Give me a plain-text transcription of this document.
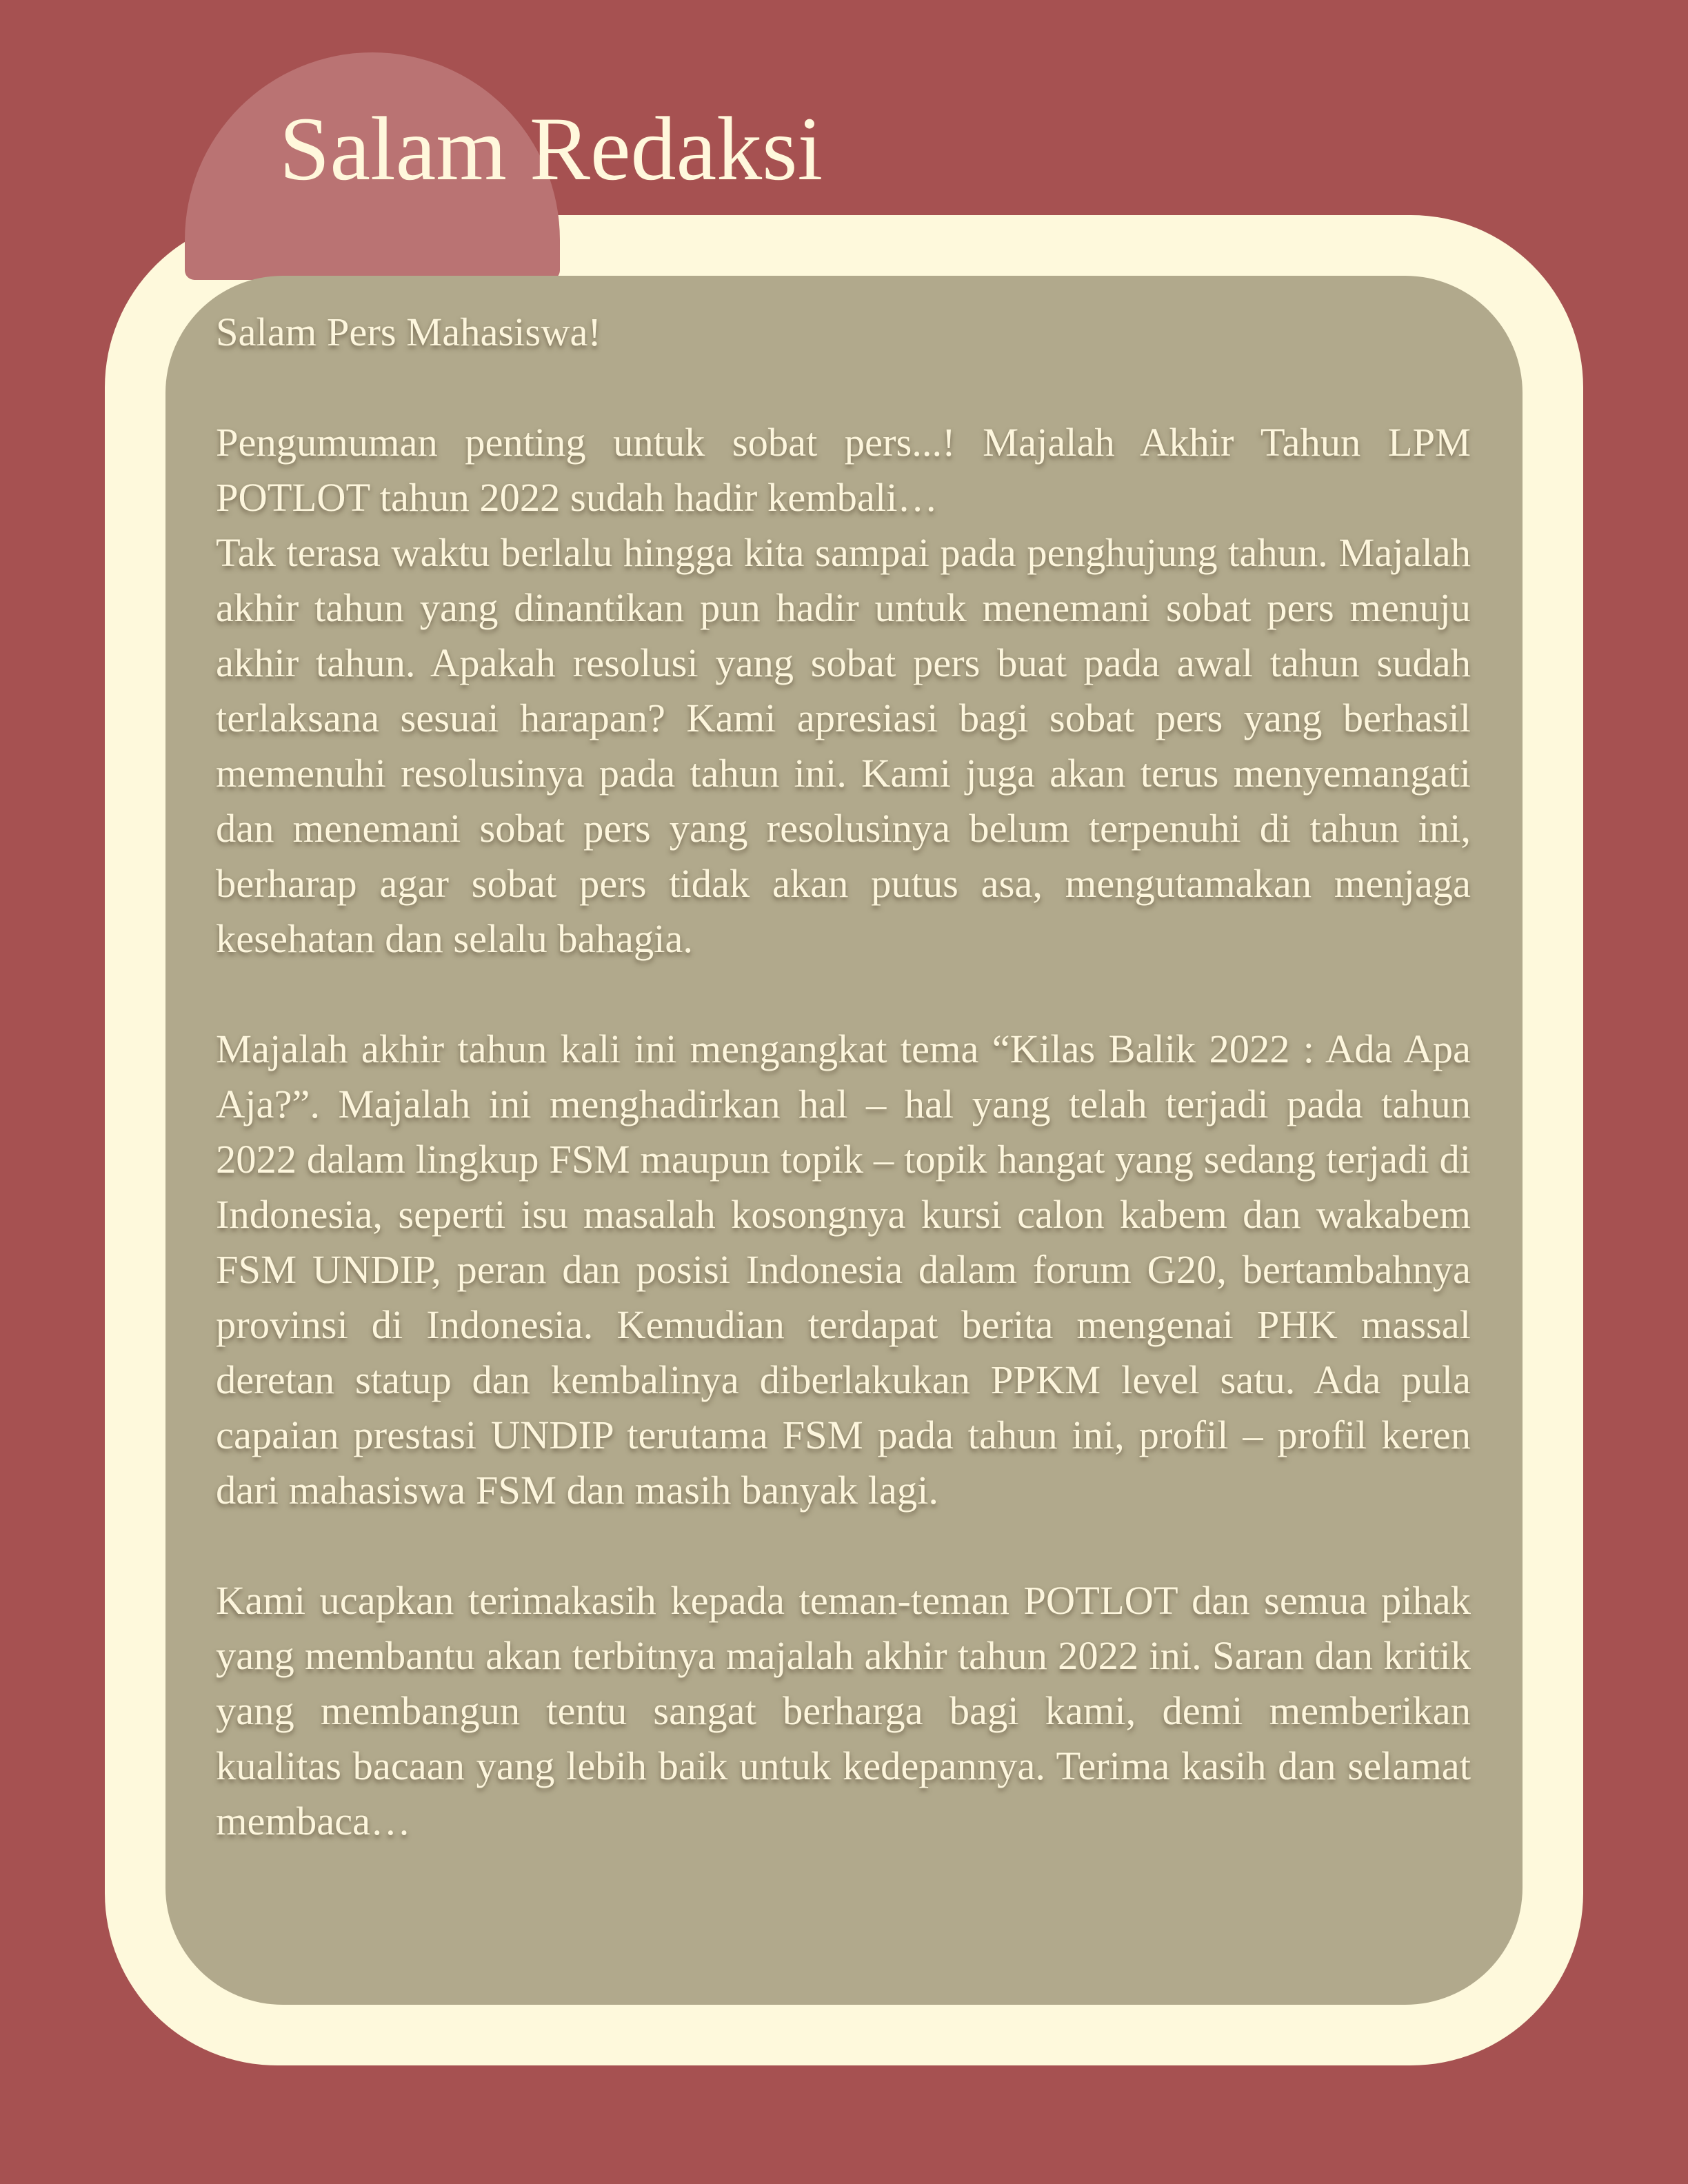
Salam Redaksi

Salam Pers Mahasiswa!

Pengumuman penting untuk sobat pers...! Majalah Akhir Tahun LPM POTLOT tahun 2022 sudah hadir kembali…

Tak terasa waktu berlalu hingga kita sampai pada penghujung tahun. Majalah akhir tahun yang dinantikan pun hadir untuk menemani sobat pers menuju akhir tahun. Apakah resolusi yang sobat pers buat pada awal tahun sudah terlaksana sesuai harapan? Kami apresiasi bagi sobat pers yang berhasil memenuhi resolusinya pada tahun ini. Kami juga akan terus menyemangati dan menemani sobat pers yang resolusinya belum terpenuhi di tahun ini, berharap agar sobat pers tidak akan putus asa, mengutamakan menjaga kesehatan dan selalu bahagia.

Majalah akhir tahun kali ini mengangkat tema “Kilas Balik 2022 : Ada Apa Aja?”. Majalah ini menghadirkan hal – hal yang telah terjadi pada tahun 2022 dalam lingkup FSM maupun topik – topik hangat yang sedang terjadi di Indonesia, seperti isu masalah kosongnya kursi calon kabem dan wakabem FSM UNDIP, peran dan posisi Indonesia dalam forum G20, bertambahnya provinsi di Indonesia. Kemudian terdapat berita mengenai PHK massal deretan statup dan kembalinya diberlakukan PPKM level satu. Ada pula capaian prestasi UNDIP terutama FSM pada tahun ini, profil – profil keren dari mahasiswa FSM dan masih banyak lagi.

Kami ucapkan terimakasih kepada teman-teman POTLOT dan semua pihak yang membantu akan terbitnya majalah akhir tahun 2022 ini. Saran dan kritik yang membangun tentu sangat berharga bagi kami, demi memberikan kualitas bacaan yang lebih baik untuk kedepannya. Terima kasih dan selamat membaca…
